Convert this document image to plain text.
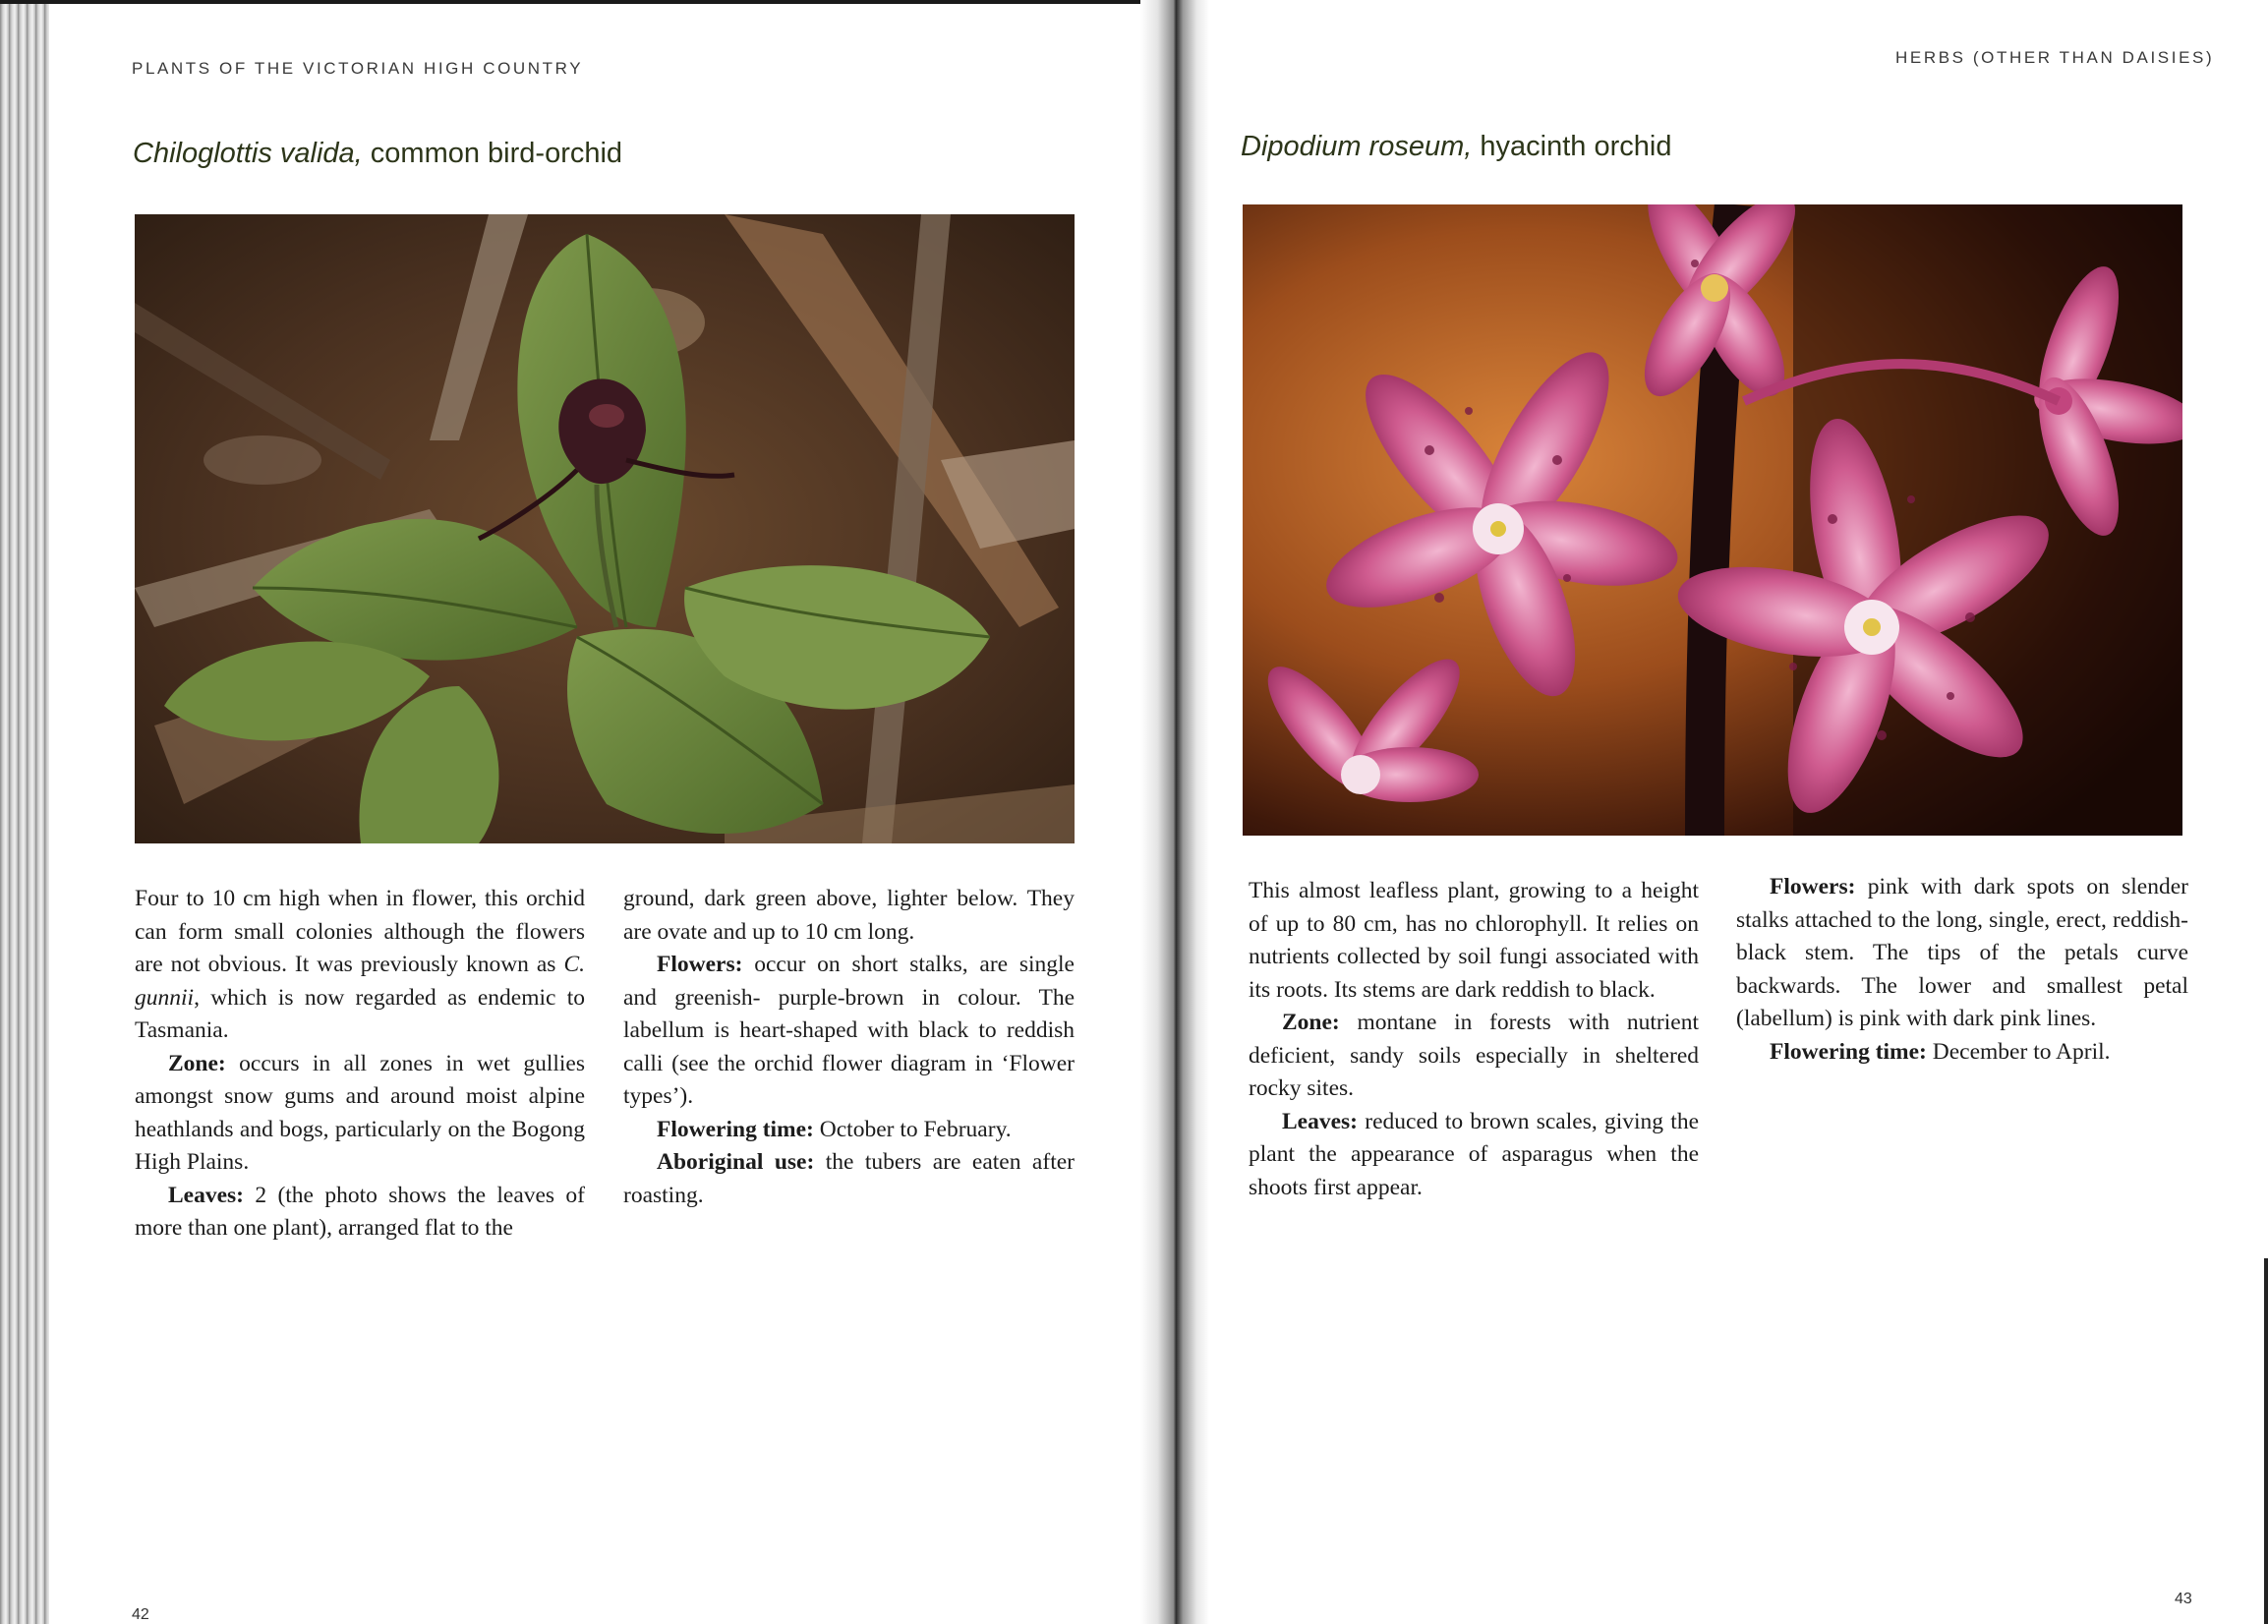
PLANTS OF THE VICTORIAN HIGH COUNTRY
Chiloglottis valida, common bird-orchid

Four to 10 cm high when in flower, this orchid can form small colonies although the flowers are not obvious. It was previously known as C. gunnii, which is now regarded as endemic to Tasmania.

Zone: occurs in all zones in wet gullies amongst snow gums and around moist alpine heathlands and bogs, particularly on the Bogong High Plains.

Leaves: 2 (the photo shows the leaves of more than one plant), arranged flat to the

ground, dark green above, lighter below. They are ovate and up to 10 cm long.

Flowers: occur on short stalks, are single and greenish- purple-brown in colour. The labellum is heart-shaped with black to reddish calli (see the orchid flower diagram in ‘Flower types’).

Flowering time: October to February.

Aboriginal use: the tubers are eaten after roasting.

42
HERBS (OTHER THAN DAISIES)
Dipodium roseum, hyacinth orchid

This almost leafless plant, growing to a height of up to 80 cm, has no chlorophyll. It relies on nutrients collected by soil fungi associated with its roots. Its stems are dark reddish to black.

Zone: montane in forests with nutrient deficient, sandy soils especially in sheltered rocky sites.

Leaves: reduced to brown scales, giving the plant the appearance of asparagus when the shoots first appear.

Flowers: pink with dark spots on slender stalks attached to the long, single, erect, reddish-black stem. The tips of the petals curve backwards. The lower and smallest petal (labellum) is pink with dark pink lines.

Flowering time: December to April.

43
